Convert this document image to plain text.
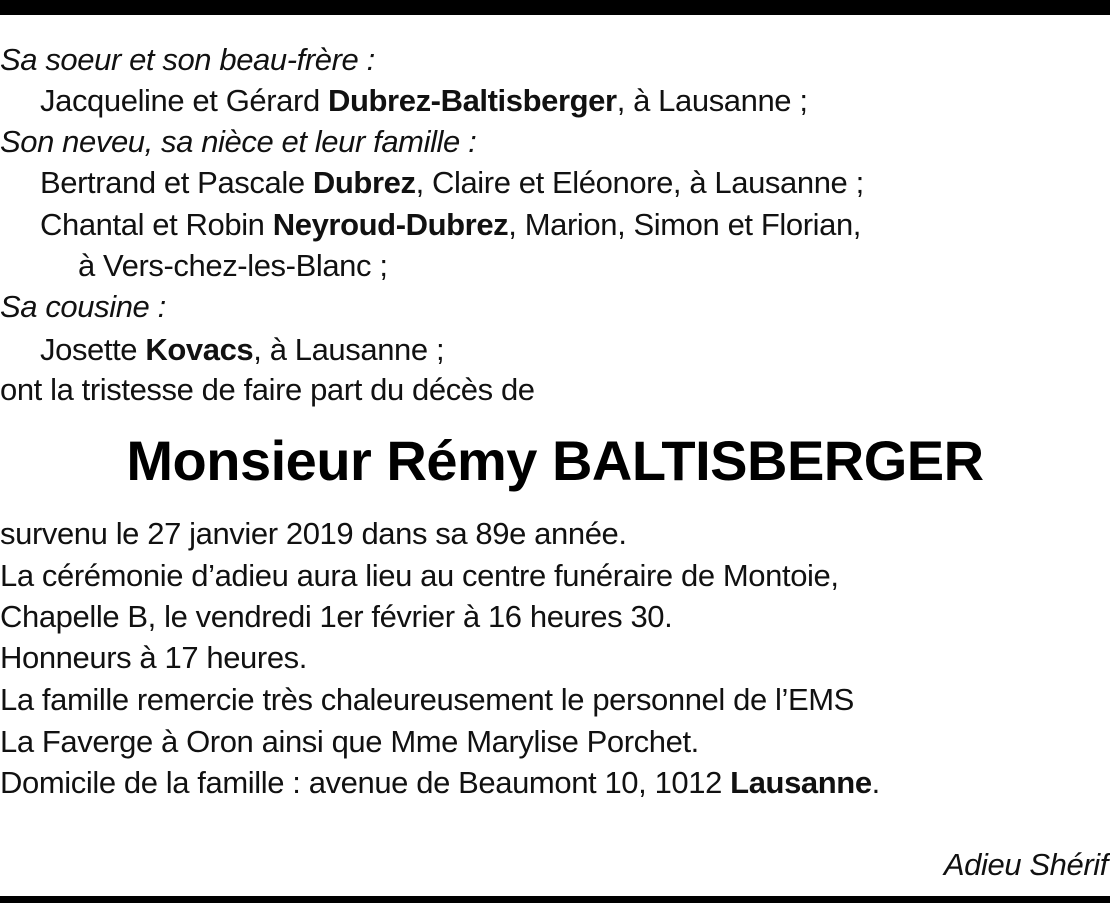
Sa soeur et son beau-frère :
Jacqueline et Gérard Dubrez-Baltisberger, à Lausanne ;
Son neveu, sa nièce et leur famille :
Bertrand et Pascale Dubrez, Claire et Eléonore, à Lausanne ;
Chantal et Robin Neyroud-Dubrez, Marion, Simon et Florian,
à Vers-chez-les-Blanc ;
Sa cousine :
Josette Kovacs, à Lausanne ;
ont la tristesse de faire part du décès de
Monsieur Rémy BALTISBERGER
survenu le 27 janvier 2019 dans sa 89e année.
La cérémonie d’adieu aura lieu au centre funéraire de Montoie,
Chapelle B, le vendredi 1er février à 16 heures 30.
Honneurs à 17 heures.
La famille remercie très chaleureusement le personnel de l’EMS
La Faverge à Oron ainsi que Mme Marylise Porchet.
Domicile de la famille : avenue de Beaumont 10, 1012 Lausanne.
Adieu Shérif
